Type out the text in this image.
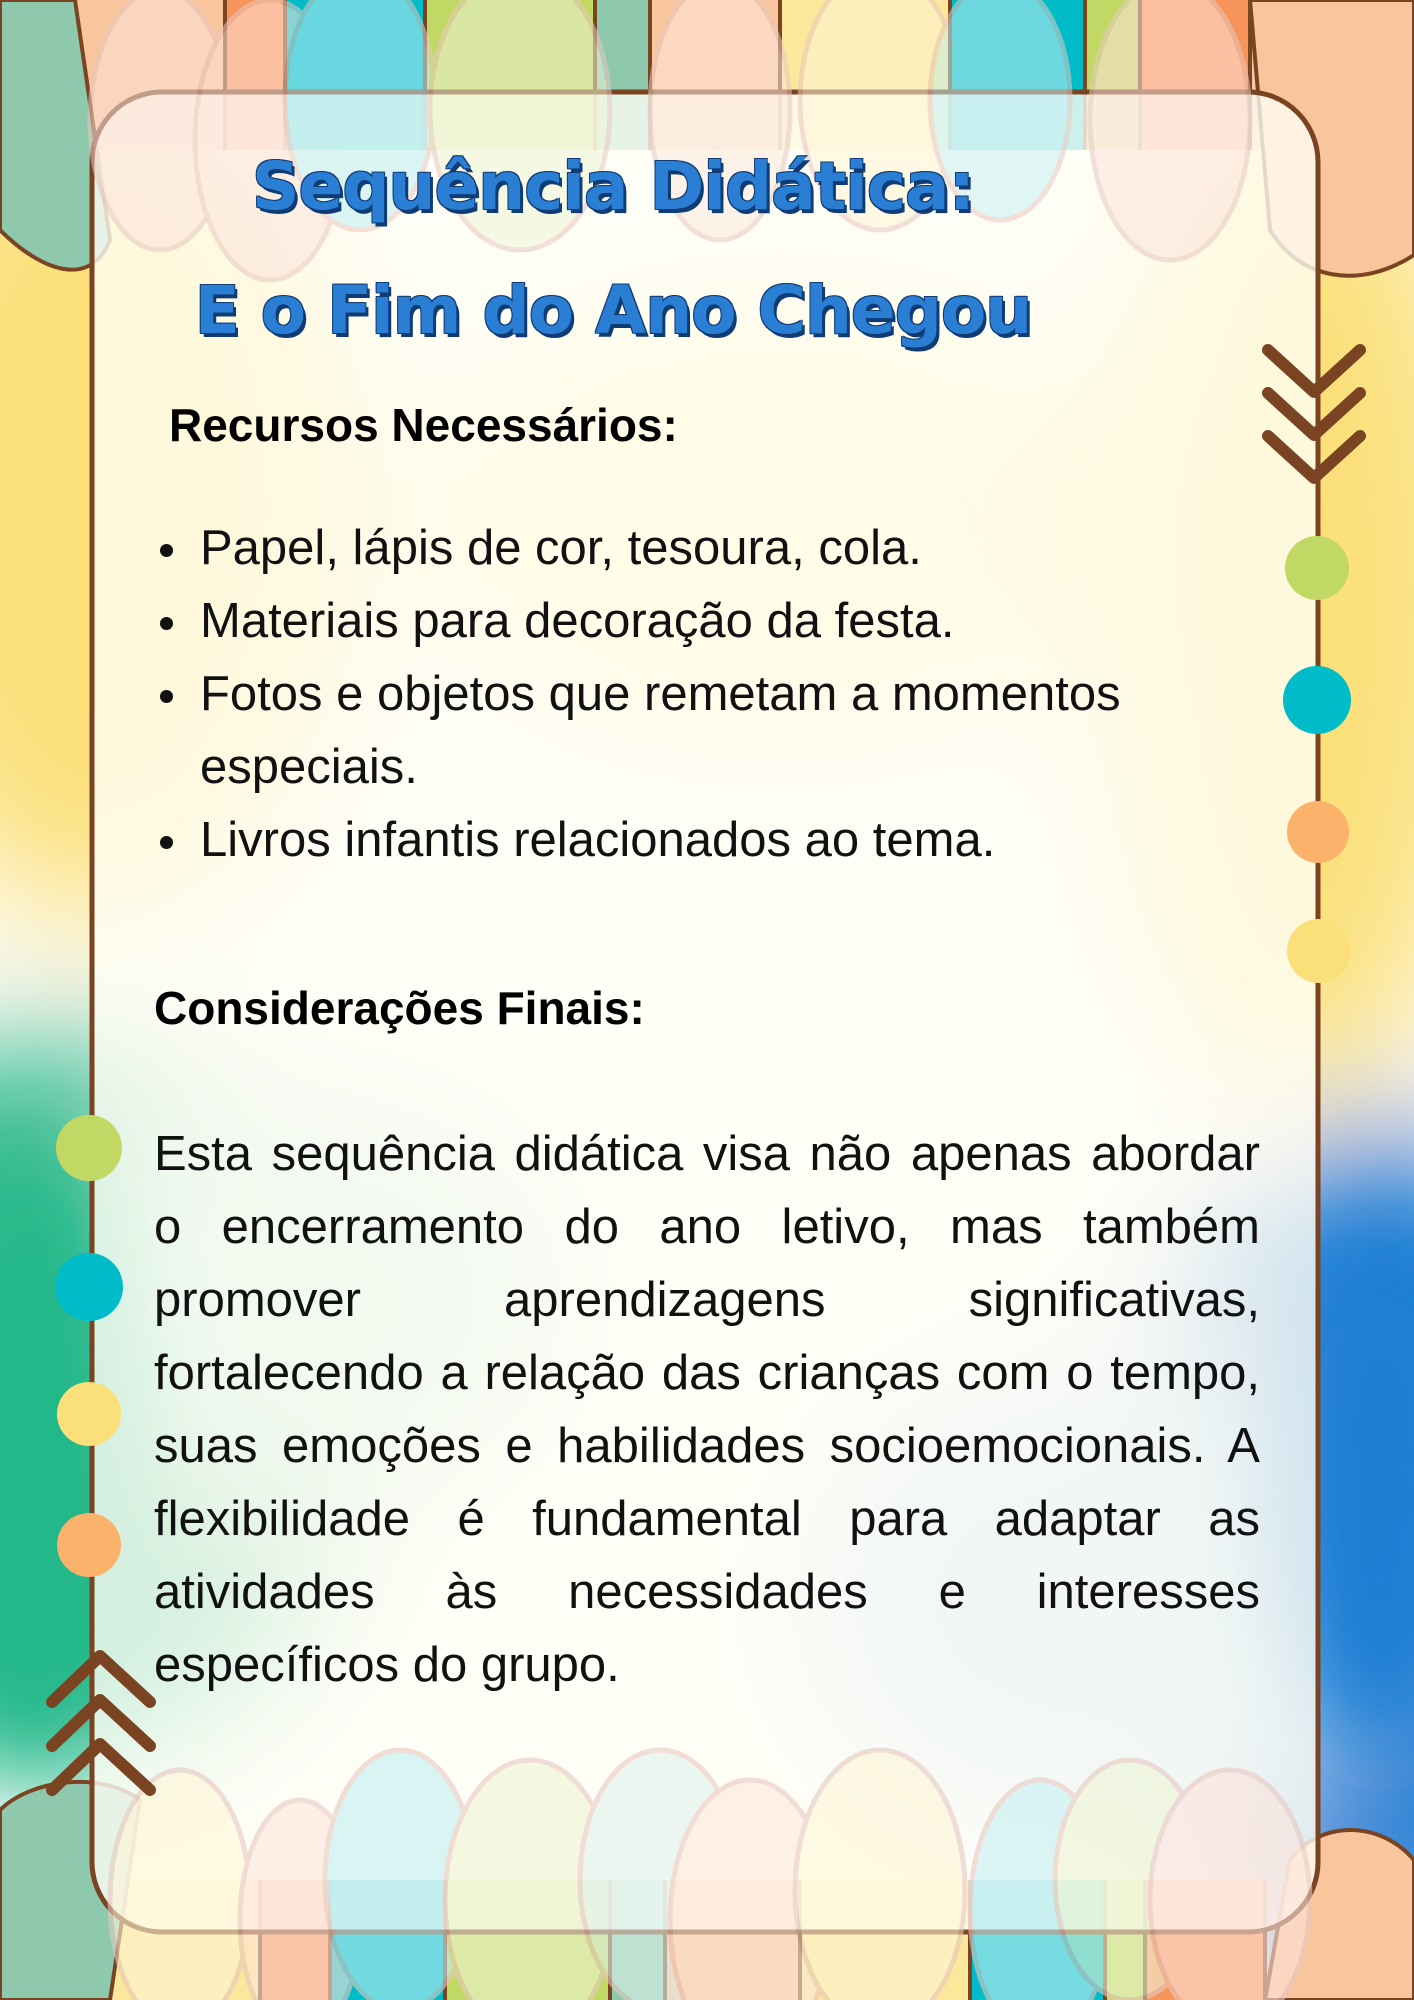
Sequência Didática:
E o Fim do Ano Chegou
Recursos Necessários:
Papel, lápis de cor, tesoura, cola.
Materiais para decoração da festa.
Fotos e objetos que remetam a momentos especiais.
Livros infantis relacionados ao tema.
Considerações Finais:

Esta sequência didática visa não apenas abordar o encerramento do ano letivo, mas também promover aprendizagens significativas, fortalecendo a relação das crianças com o tempo, suas emoções e habilidades socioemocionais. A flexibilidade é fundamental para adaptar as atividades às necessidades e interesses específicos do grupo.
